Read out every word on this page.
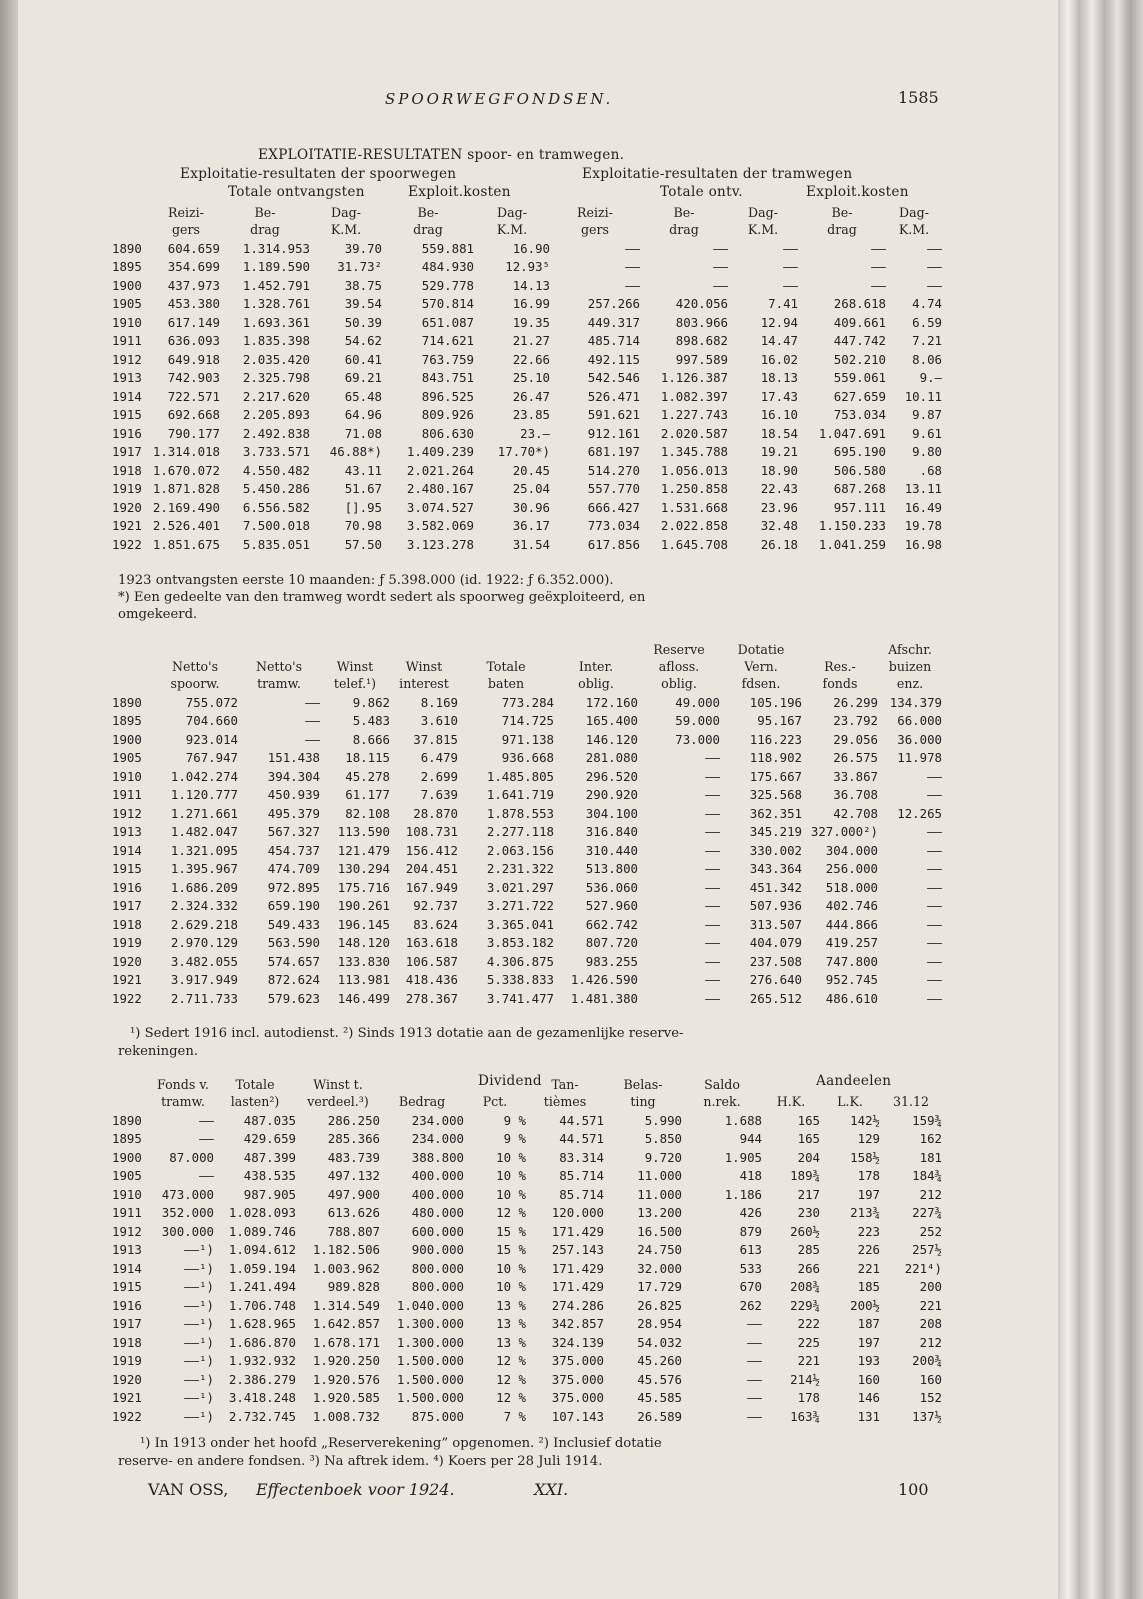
SPOORWEGFONDSEN.	1585
EXPLOITATIE-RESULTATEN spoor- en tramwegen.
Exploitatie-resultaten der spoorwegen	Exploitatie-resultaten der tramwegen
Totale ontvangsten	Exploit.kosten	Totale ontv.	Exploit.kosten
	Reizi-	Be-	Dag-	Be-	Dag-	Reizi-	Be-	Dag-	Be-	Dag-
	gers	drag	K.M.	drag	K.M.	gers	drag	K.M.	drag	K.M.
1890	604.659	1.314.953	39.70	559.881	16.90	——	——	——	——	——
1895	354.699	1.189.590	31.73²	484.930	12.93⁵	——	——	——	——	——
1900	437.973	1.452.791	38.75	529.778	14.13	——	——	——	——	——
1905	453.380	1.328.761	39.54	570.814	16.99	257.266	420.056	7.41	268.618	4.74
1910	617.149	1.693.361	50.39	651.087	19.35	449.317	803.966	12.94	409.661	6.59
1911	636.093	1.835.398	54.62	714.621	21.27	485.714	898.682	14.47	447.742	7.21
1912	649.918	2.035.420	60.41	763.759	22.66	492.115	997.589	16.02	502.210	8.06
1913	742.903	2.325.798	69.21	843.751	25.10	542.546	1.126.387	18.13	559.061	9.—
1914	722.571	2.217.620	65.48	896.525	26.47	526.471	1.082.397	17.43	627.659	10.11
1915	692.668	2.205.893	64.96	809.926	23.85	591.621	1.227.743	16.10	753.034	9.87
1916	790.177	2.492.838	71.08	806.630	23.—	912.161	2.020.587	18.54	1.047.691	9.61
1917	1.314.018	3.733.571	46.88*)	1.409.239	17.70*)	681.197	1.345.788	19.21	695.190	9.80
1918	1.670.072	4.550.482	43.11	2.021.264	20.45	514.270	1.056.013	18.90	506.580	.68
1919	1.871.828	5.450.286	51.67	2.480.167	25.04	557.770	1.250.858	22.43	687.268	13.11
1920	2.169.490	6.556.582	[].95	3.074.527	30.96	666.427	1.531.668	23.96	957.111	16.49
1921	2.526.401	7.500.018	70.98	3.582.069	36.17	773.034	2.022.858	32.48	1.150.233	19.78
1922	1.851.675	5.835.051	57.50	3.123.278	31.54	617.856	1.645.708	26.18	1.041.259	16.98
1923 ontvangsten eerste 10 maanden: ƒ 5.398.000 (id. 1922: ƒ 6.352.000).
*) Een gedeelte van den tramweg wordt sedert als spoorweg geëxploiteerd, en
omgekeerd.
							Reserve	Dotatie		Afschr.
	Netto's	Netto's	Winst	Winst	Totale	Inter.	afloss.	Vern.	Res.-	buizen
	spoorw.	tramw.	telef.¹)	interest	baten	oblig.	oblig.	fdsen.	fonds	enz.
1890	755.072	——	9.862	8.169	773.284	172.160	49.000	105.196	26.299	134.379
1895	704.660	——	5.483	3.610	714.725	165.400	59.000	95.167	23.792	66.000
1900	923.014	——	8.666	37.815	971.138	146.120	73.000	116.223	29.056	36.000
1905	767.947	151.438	18.115	6.479	936.668	281.080	——	118.902	26.575	11.978
1910	1.042.274	394.304	45.278	2.699	1.485.805	296.520	——	175.667	33.867	——
1911	1.120.777	450.939	61.177	7.639	1.641.719	290.920	——	325.568	36.708	——
1912	1.271.661	495.379	82.108	28.870	1.878.553	304.100	——	362.351	42.708	12.265
1913	1.482.047	567.327	113.590	108.731	2.277.118	316.840	——	345.219	327.000²)	——
1914	1.321.095	454.737	121.479	156.412	2.063.156	310.440	——	330.002	304.000	——
1915	1.395.967	474.709	130.294	204.451	2.231.322	513.800	——	343.364	256.000	——
1916	1.686.209	972.895	175.716	167.949	3.021.297	536.060	——	451.342	518.000	——
1917	2.324.332	659.190	190.261	92.737	3.271.722	527.960	——	507.936	402.746	——
1918	2.629.218	549.433	196.145	83.624	3.365.041	662.742	——	313.507	444.866	——
1919	2.970.129	563.590	148.120	163.618	3.853.182	807.720	——	404.079	419.257	——
1920	3.482.055	574.657	133.830	106.587	4.306.875	983.255	——	237.508	747.800	——
1921	3.917.949	872.624	113.981	418.436	5.338.833	1.426.590	——	276.640	952.745	——
1922	2.711.733	579.623	146.499	278.367	3.741.477	1.481.380	——	265.512	486.610	——
¹) Sedert 1916 incl. autodienst. ²) Sinds 1913 dotatie aan de gezamenlijke reserve-
rekeningen.
Dividend	Aandeelen
	Fonds v.	Totale	Winst t.			Tan-	Belas-	Saldo			
	tramw.	lasten²)	verdeel.³)	Bedrag	Pct.	tièmes	ting	n.rek.	H.K.	L.K.	31.12
1890	——	487.035	286.250	234.000	9 %	44.571	5.990	1.688	165	142½	159¾
1895	——	429.659	285.366	234.000	9 %	44.571	5.850	944	165	129	162
1900	87.000	487.399	483.739	388.800	10 %	83.314	9.720	1.905	204	158½	181
1905	——	438.535	497.132	400.000	10 %	85.714	11.000	418	189¾	178	184¾
1910	473.000	987.905	497.900	400.000	10 %	85.714	11.000	1.186	217	197	212
1911	352.000	1.028.093	613.626	480.000	12 %	120.000	13.200	426	230	213¾	227¾
1912	300.000	1.089.746	788.807	600.000	15 %	171.429	16.500	879	260½	223	252
1913	——¹)	1.094.612	1.182.506	900.000	15 %	257.143	24.750	613	285	226	257½
1914	——¹)	1.059.194	1.003.962	800.000	10 %	171.429	32.000	533	266	221	221⁴)
1915	——¹)	1.241.494	989.828	800.000	10 %	171.429	17.729	670	208¾	185	200
1916	——¹)	1.706.748	1.314.549	1.040.000	13 %	274.286	26.825	262	229¾	200½	221
1917	——¹)	1.628.965	1.642.857	1.300.000	13 %	342.857	28.954	——	222	187	208
1918	——¹)	1.686.870	1.678.171	1.300.000	13 %	324.139	54.032	——	225	197	212
1919	——¹)	1.932.932	1.920.250	1.500.000	12 %	375.000	45.260	——	221	193	200¾
1920	——¹)	2.386.279	1.920.576	1.500.000	12 %	375.000	45.576	——	214½	160	160
1921	——¹)	3.418.248	1.920.585	1.500.000	12 %	375.000	45.585	——	178	146	152
1922	——¹)	2.732.745	1.008.732	875.000	7 %	107.143	26.589	——	163¾	131	137½
¹) In 1913 onder het hoofd „Reserverekening” opgenomen. ²) Inclusief dotatie
reserve- en andere fondsen. ³) Na aftrek idem. ⁴) Koers per 28 Juli 1914.
VAN OSS, Effectenboek voor 1924.	XXI.	100
